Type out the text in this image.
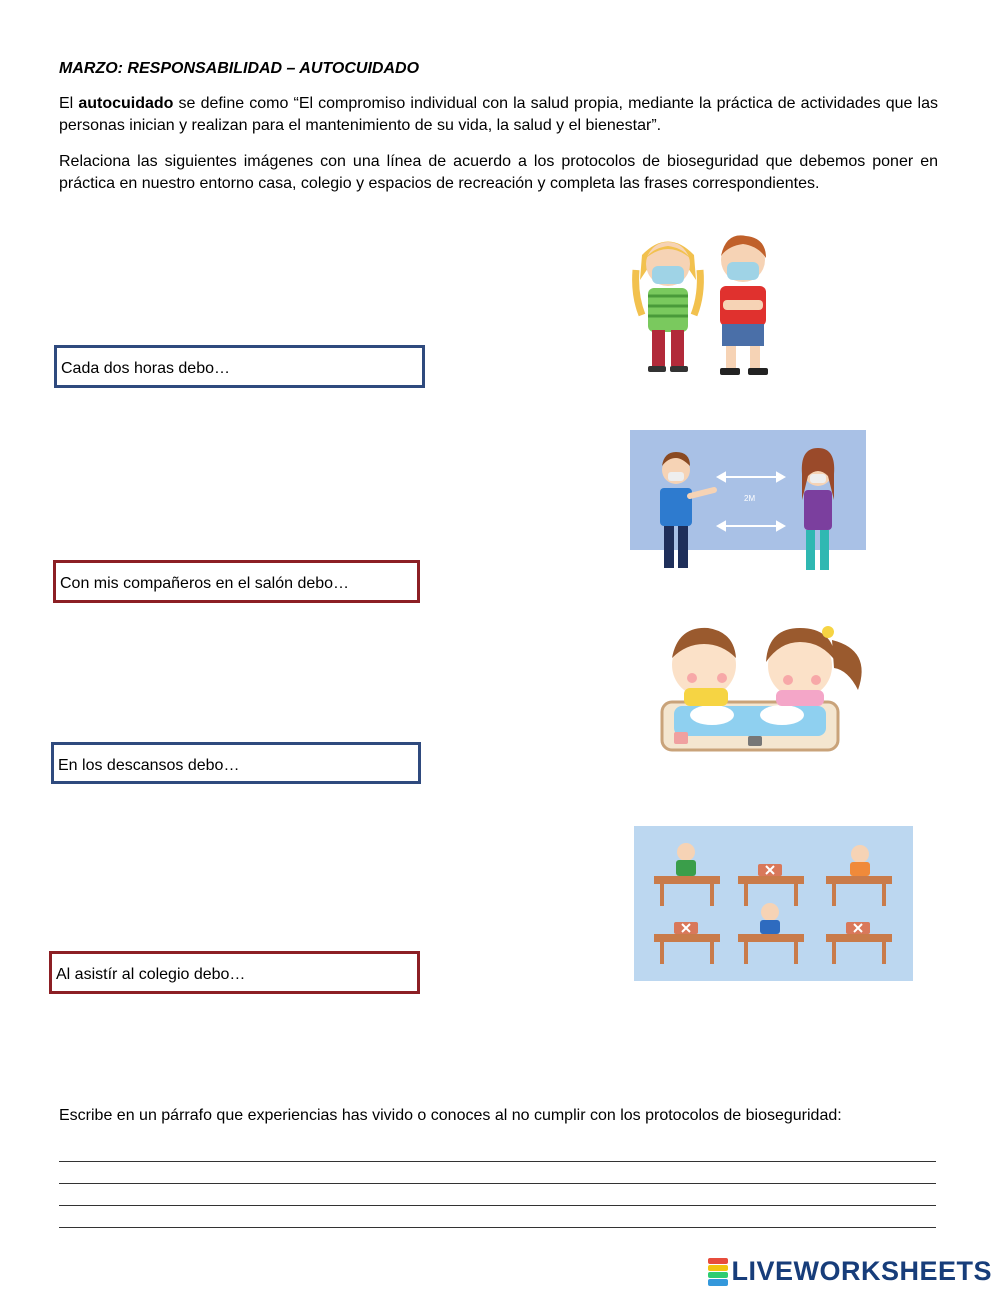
MARZO: RESPONSABILIDAD – AUTOCUIDADO

El autocuidado se define como “El compromiso individual con la salud propia, mediante la práctica de actividades que las personas inician y realizan para el mantenimiento de su vida, la salud y el bienestar”.

Relaciona las siguientes imágenes con una línea de acuerdo a los protocolos de bioseguridad que debemos poner en práctica en nuestro entorno casa, colegio y espacios de recreación y completa las frases correspondientes.

Cada dos horas debo…
Con mis compañeros en el salón debo…
En los descansos debo…
Al asistír al colegio debo…
2M

Escribe en un párrafo que experiencias has vivido o conoces al no cumplir con los protocolos de bioseguridad:

LIVEWORKSHEETS
